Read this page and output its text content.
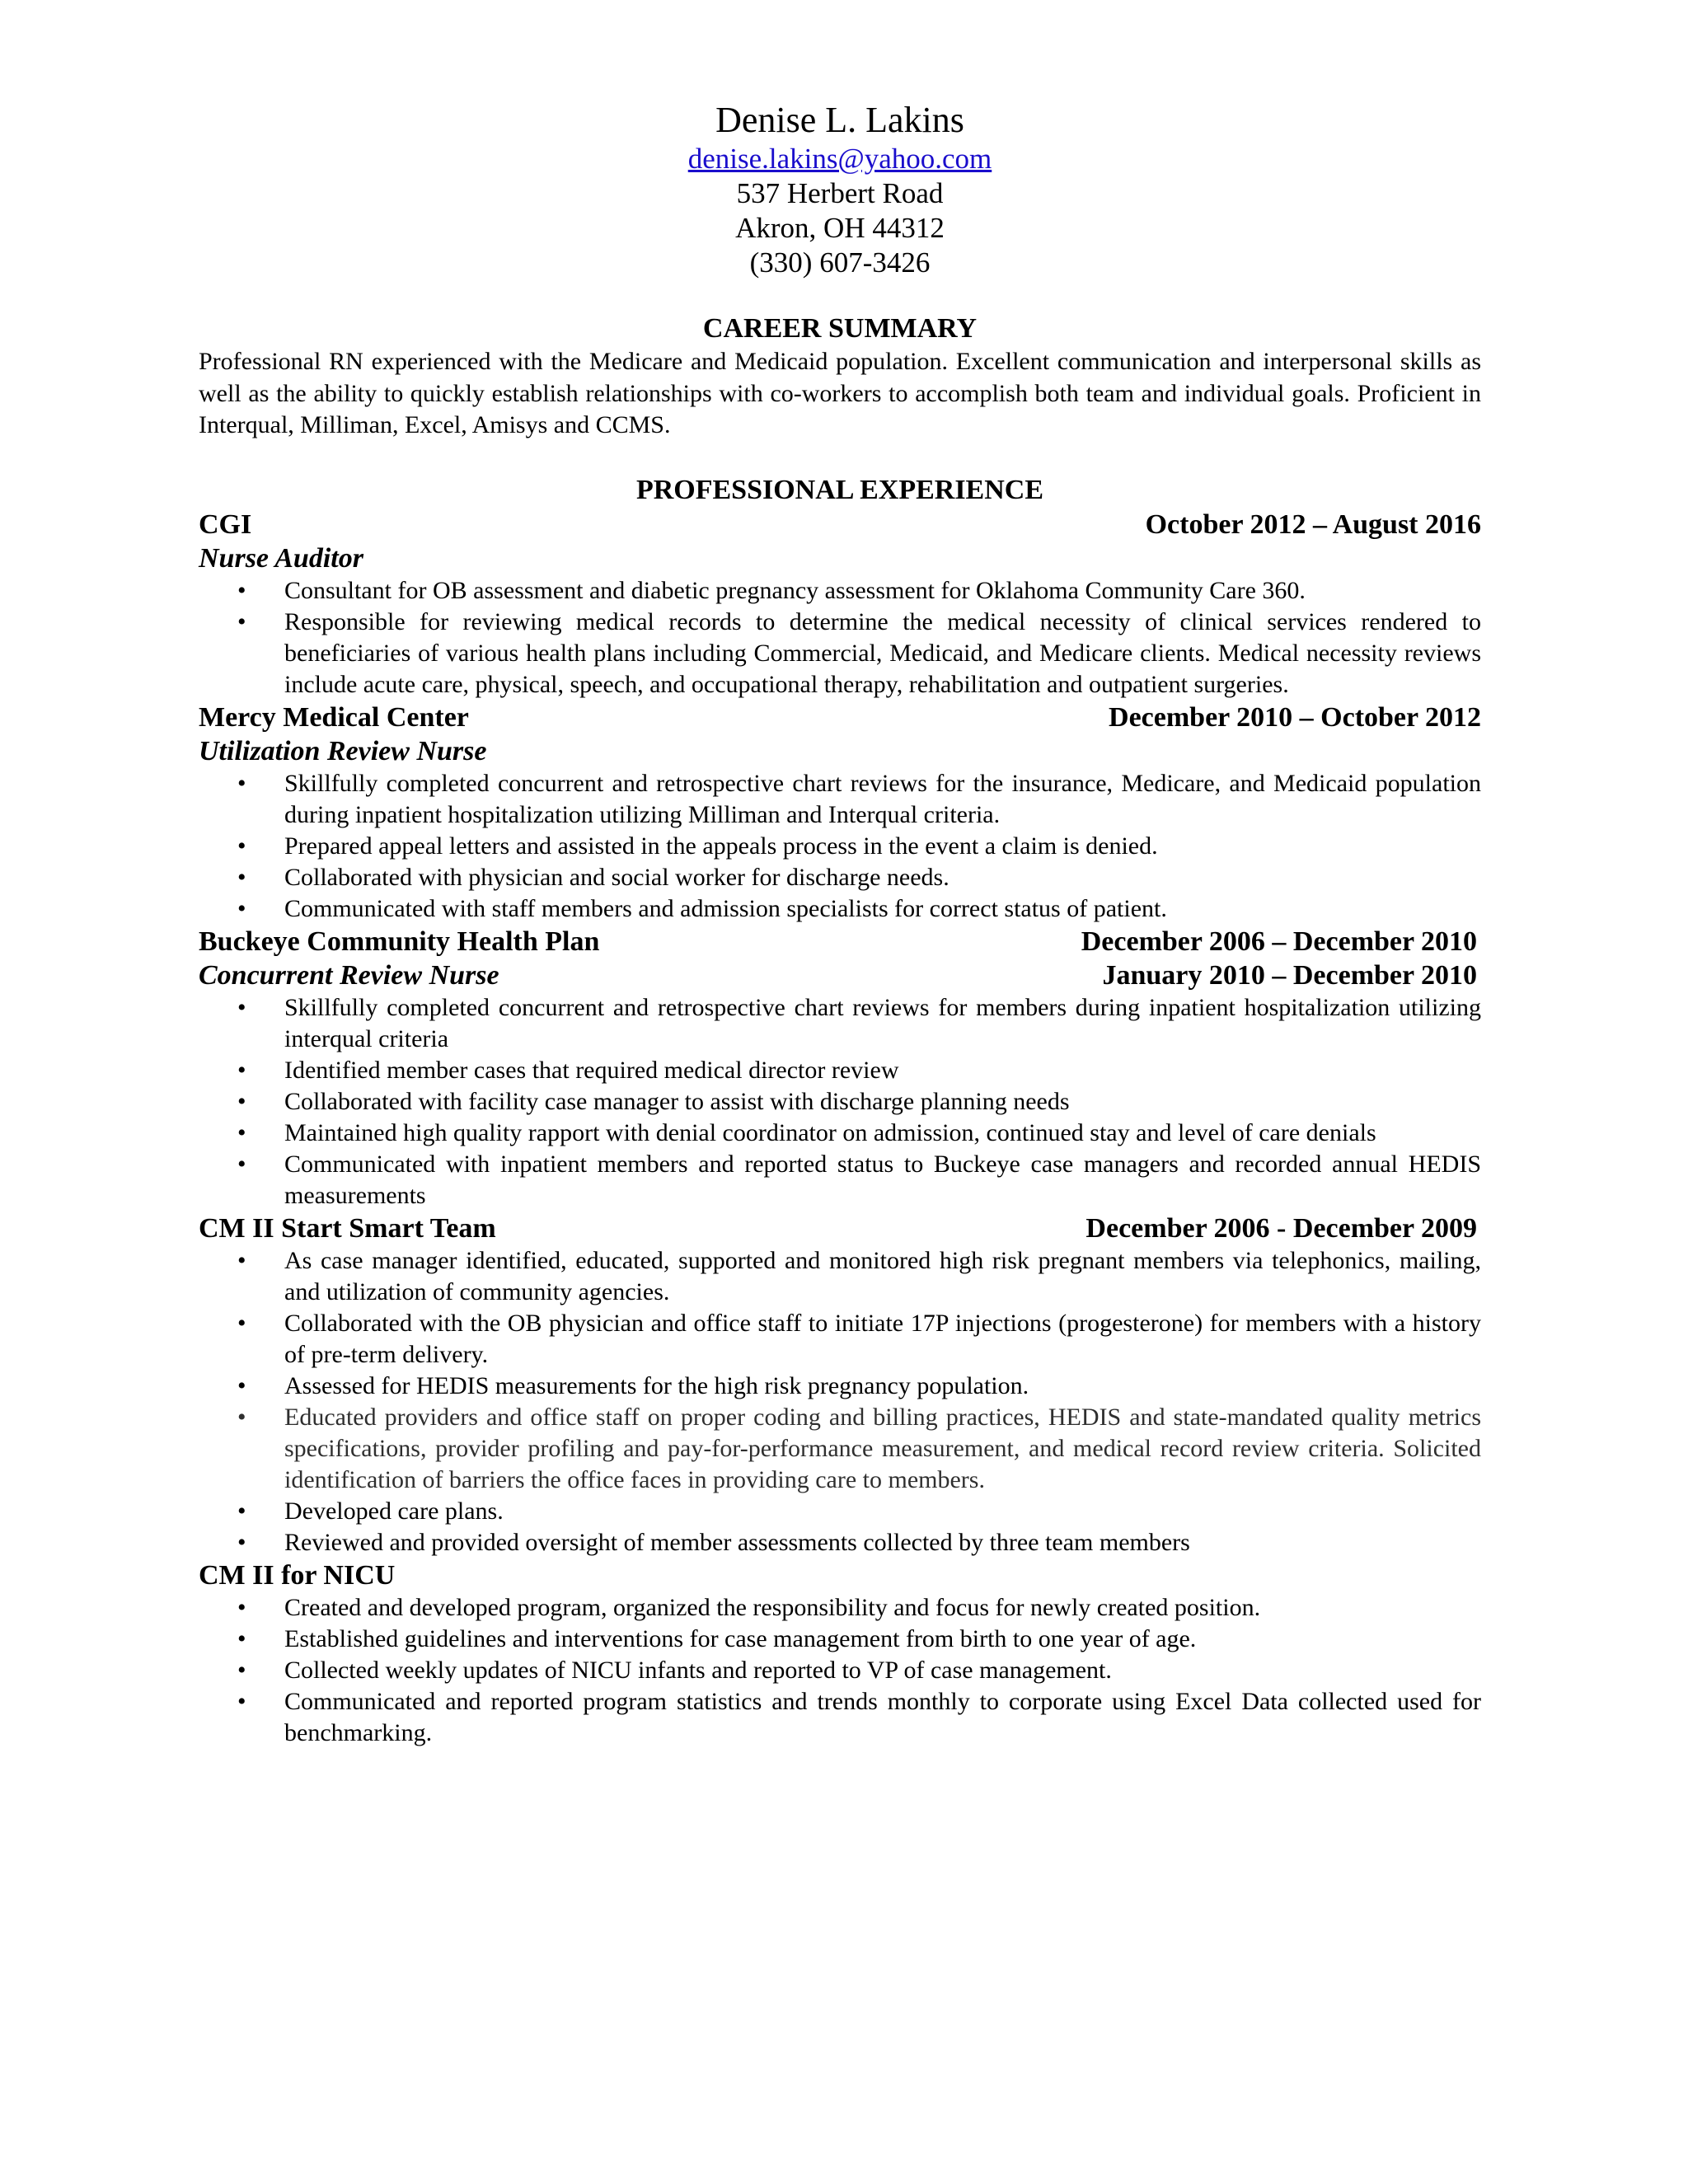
Denise L. Lakins

denise.lakins@yahoo.com

537 Herbert Road

Akron, OH 44312

(330) 607-3426

CAREER SUMMARY

Professional RN experienced with the Medicare and Medicaid population. Excellent communication and interpersonal skills as well as the ability to quickly establish relationships with co-workers to accomplish both team and individual goals. Proficient in Interqual, Milliman, Excel, Amisys and CCMS.

PROFESSIONAL EXPERIENCE

CGI	October 2012 – August 2016

Nurse Auditor

• Consultant for OB assessment and diabetic pregnancy assessment for Oklahoma Community Care 360.
• Responsible for reviewing medical records to determine the medical necessity of clinical services rendered to beneficiaries of various health plans including Commercial, Medicaid, and Medicare clients. Medical necessity reviews include acute care, physical, speech, and occupational therapy, rehabilitation and outpatient surgeries.
Mercy Medical Center	December 2010 – October 2012

Utilization Review Nurse

• Skillfully completed concurrent and retrospective chart reviews for the insurance, Medicare, and Medicaid population during inpatient hospitalization utilizing Milliman and Interqual criteria.
• Prepared appeal letters and assisted in the appeals process in the event a claim is denied.
• Collaborated with physician and social worker for discharge needs.
• Communicated with staff members and admission specialists for correct status of patient.
Buckeye Community Health Plan	December 2006 – December 2010
Concurrent Review Nurse	January 2010 – December 2010
• Skillfully completed concurrent and retrospective chart reviews for members during inpatient hospitalization utilizing interqual criteria
• Identified member cases that required medical director review
• Collaborated with facility case manager to assist with discharge planning needs
• Maintained high quality rapport with denial coordinator on admission, continued stay and level of care denials
• Communicated with inpatient members and reported status to Buckeye case managers and recorded annual HEDIS measurements
CM II Start Smart Team	December 2006 - December 2009
• As case manager identified, educated, supported and monitored high risk pregnant members via telephonics, mailing, and utilization of community agencies.
• Collaborated with the OB physician and office staff to initiate 17P injections (progesterone) for members with a history of pre-term delivery.
• Assessed for HEDIS measurements for the high risk pregnancy population.
• Educated providers and office staff on proper coding and billing practices, HEDIS and state-mandated quality metrics specifications, provider profiling and pay-for-performance measurement, and medical record review criteria. Solicited identification of barriers the office faces in providing care to members.
• Developed care plans.
• Reviewed and provided oversight of member assessments collected by three team members
CM II for NICU
• Created and developed program, organized the responsibility and focus for newly created position.
• Established guidelines and interventions for case management from birth to one year of age.
• Collected weekly updates of NICU infants and reported to VP of case management.
• Communicated and reported program statistics and trends monthly to corporate using Excel Data collected used for benchmarking.
